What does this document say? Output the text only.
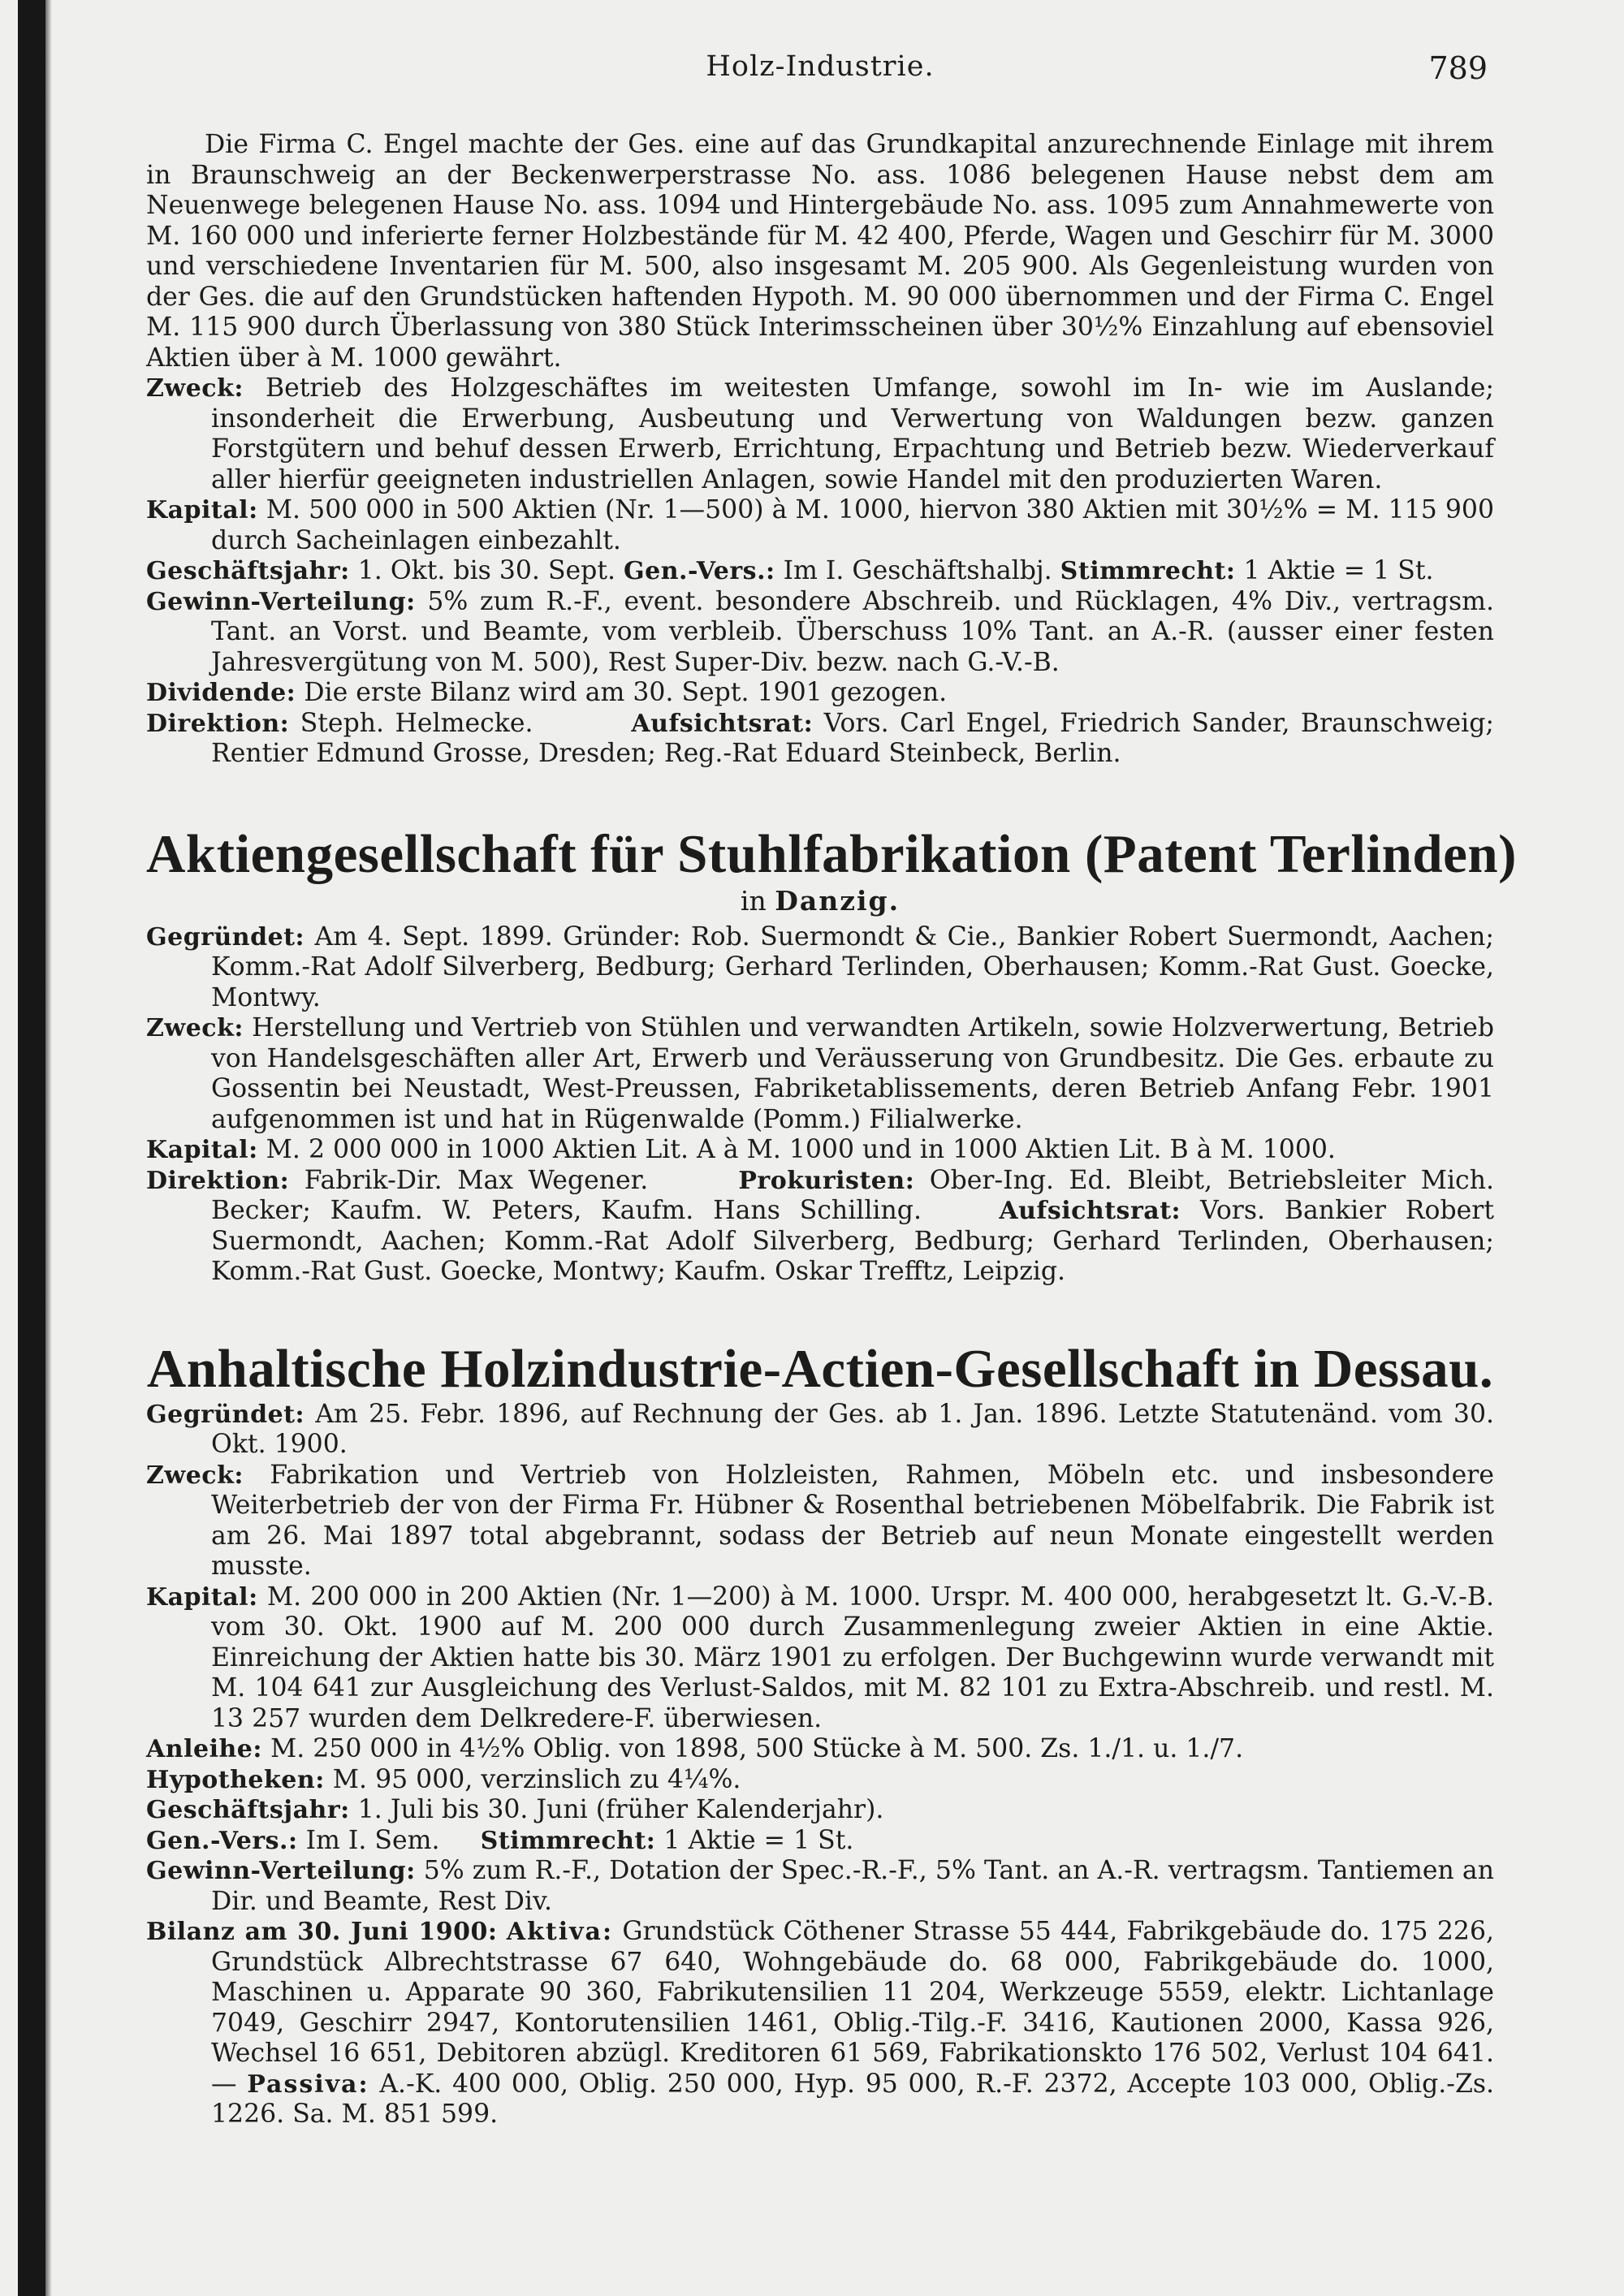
Holz-Industrie.	789

Die Firma C. Engel machte der Ges. eine auf das Grundkapital anzurechnende Einlage mit ihrem in Braunschweig an der Beckenwerperstrasse No. ass. 1086 belegenen Hause nebst dem am Neuenwege belegenen Hause No. ass. 1094 und Hintergebäude No. ass. 1095 zum Annahmewerte von M. 160 000 und inferierte ferner Holzbestände für M. 42 400, Pferde, Wagen und Geschirr für M. 3000 und verschiedene Inventarien für M. 500, also insgesamt M. 205 900. Als Gegenleistung wurden von der Ges. die auf den Grundstücken haftenden Hypoth. M. 90 000 übernommen und der Firma C. Engel M. 115 900 durch Überlassung von 380 Stück Interimsscheinen über 30½% Einzahlung auf ebensoviel Aktien über à M. 1000 gewährt.

Zweck: Betrieb des Holzgeschäftes im weitesten Umfange, sowohl im In- wie im Auslande; insonderheit die Erwerbung, Ausbeutung und Verwertung von Waldungen bezw. ganzen Forstgütern und behuf dessen Erwerb, Errichtung, Erpachtung und Betrieb bezw. Wiederverkauf aller hierfür geeigneten industriellen Anlagen, sowie Handel mit den produzierten Waren.

Kapital: M. 500 000 in 500 Aktien (Nr. 1—500) à M. 1000, hiervon 380 Aktien mit 30½% = M. 115 900 durch Sacheinlagen einbezahlt.

Geschäftsjahr: 1. Okt. bis 30. Sept. Gen.-Vers.: Im I. Geschäftshalbj. Stimmrecht: 1 Aktie = 1 St.

Gewinn-Verteilung: 5% zum R.-F., event. besondere Abschreib. und Rücklagen, 4% Div., vertragsm. Tant. an Vorst. und Beamte, vom verbleib. Überschuss 10% Tant. an A.-R. (ausser einer festen Jahresvergütung von M. 500), Rest Super-Div. bezw. nach G.-V.-B.

Dividende: Die erste Bilanz wird am 30. Sept. 1901 gezogen.

Direktion: Steph. Helmecke.	Aufsichtsrat: Vors. Carl Engel, Friedrich Sander, Braunschweig; Rentier Edmund Grosse, Dresden; Reg.-Rat Eduard Steinbeck, Berlin.

Aktiengesellschaft für Stuhlfabrikation (Patent Terlinden)

in Danzig.

Gegründet: Am 4. Sept. 1899. Gründer: Rob. Suermondt & Cie., Bankier Robert Suermondt, Aachen; Komm.-Rat Adolf Silverberg, Bedburg; Gerhard Terlinden, Oberhausen; Komm.-Rat Gust. Goecke, Montwy.

Zweck: Herstellung und Vertrieb von Stühlen und verwandten Artikeln, sowie Holzverwertung, Betrieb von Handelsgeschäften aller Art, Erwerb und Veräusserung von Grundbesitz. Die Ges. erbaute zu Gossentin bei Neustadt, West-Preussen, Fabriketablissements, deren Betrieb Anfang Febr. 1901 aufgenommen ist und hat in Rügenwalde (Pomm.) Filialwerke.

Kapital: M. 2 000 000 in 1000 Aktien Lit. A à M. 1000 und in 1000 Aktien Lit. B à M. 1000.

Direktion: Fabrik-Dir. Max Wegener.	Prokuristen: Ober-Ing. Ed. Bleibt, Betriebsleiter Mich. Becker; Kaufm. W. Peters, Kaufm. Hans Schilling.	Aufsichtsrat: Vors. Bankier Robert Suermondt, Aachen; Komm.-Rat Adolf Silverberg, Bedburg; Gerhard Terlinden, Oberhausen; Komm.-Rat Gust. Goecke, Montwy; Kaufm. Oskar Trefftz, Leipzig.

Anhaltische Holzindustrie-Actien-Gesellschaft in Dessau.

Gegründet: Am 25. Febr. 1896, auf Rechnung der Ges. ab 1. Jan. 1896. Letzte Statutenänd. vom 30. Okt. 1900.

Zweck: Fabrikation und Vertrieb von Holzleisten, Rahmen, Möbeln etc. und insbesondere Weiterbetrieb der von der Firma Fr. Hübner & Rosenthal betriebenen Möbelfabrik. Die Fabrik ist am 26. Mai 1897 total abgebrannt, sodass der Betrieb auf neun Monate eingestellt werden musste.

Kapital: M. 200 000 in 200 Aktien (Nr. 1—200) à M. 1000. Urspr. M. 400 000, herabgesetzt lt. G.-V.-B. vom 30. Okt. 1900 auf M. 200 000 durch Zusammenlegung zweier Aktien in eine Aktie. Einreichung der Aktien hatte bis 30. März 1901 zu erfolgen. Der Buchgewinn wurde verwandt mit M. 104 641 zur Ausgleichung des Verlust-Saldos, mit M. 82 101 zu Extra-Abschreib. und restl. M. 13 257 wurden dem Delkredere-F. überwiesen.

Anleihe: M. 250 000 in 4½% Oblig. von 1898, 500 Stücke à M. 500. Zs. 1./1. u. 1./7.

Hypotheken: M. 95 000, verzinslich zu 4¼%.

Geschäftsjahr: 1. Juli bis 30. Juni (früher Kalenderjahr).

Gen.-Vers.: Im I. Sem. Stimmrecht: 1 Aktie = 1 St.

Gewinn-Verteilung: 5% zum R.-F., Dotation der Spec.-R.-F., 5% Tant. an A.-R. vertragsm. Tantiemen an Dir. und Beamte, Rest Div.

Bilanz am 30. Juni 1900: Aktiva: Grundstück Cöthener Strasse 55 444, Fabrikgebäude do. 175 226, Grundstück Albrechtstrasse 67 640, Wohngebäude do. 68 000, Fabrikgebäude do. 1000, Maschinen u. Apparate 90 360, Fabrikutensilien 11 204, Werkzeuge 5559, elektr. Lichtanlage 7049, Geschirr 2947, Kontorutensilien 1461, Oblig.-Tilg.-F. 3416, Kautionen 2000, Kassa 926, Wechsel 16 651, Debitoren abzügl. Kreditoren 61 569, Fabrikationskto 176 502, Verlust 104 641. — Passiva: A.-K. 400 000, Oblig. 250 000, Hyp. 95 000, R.-F. 2372, Accepte 103 000, Oblig.-Zs. 1226. Sa. M. 851 599.
